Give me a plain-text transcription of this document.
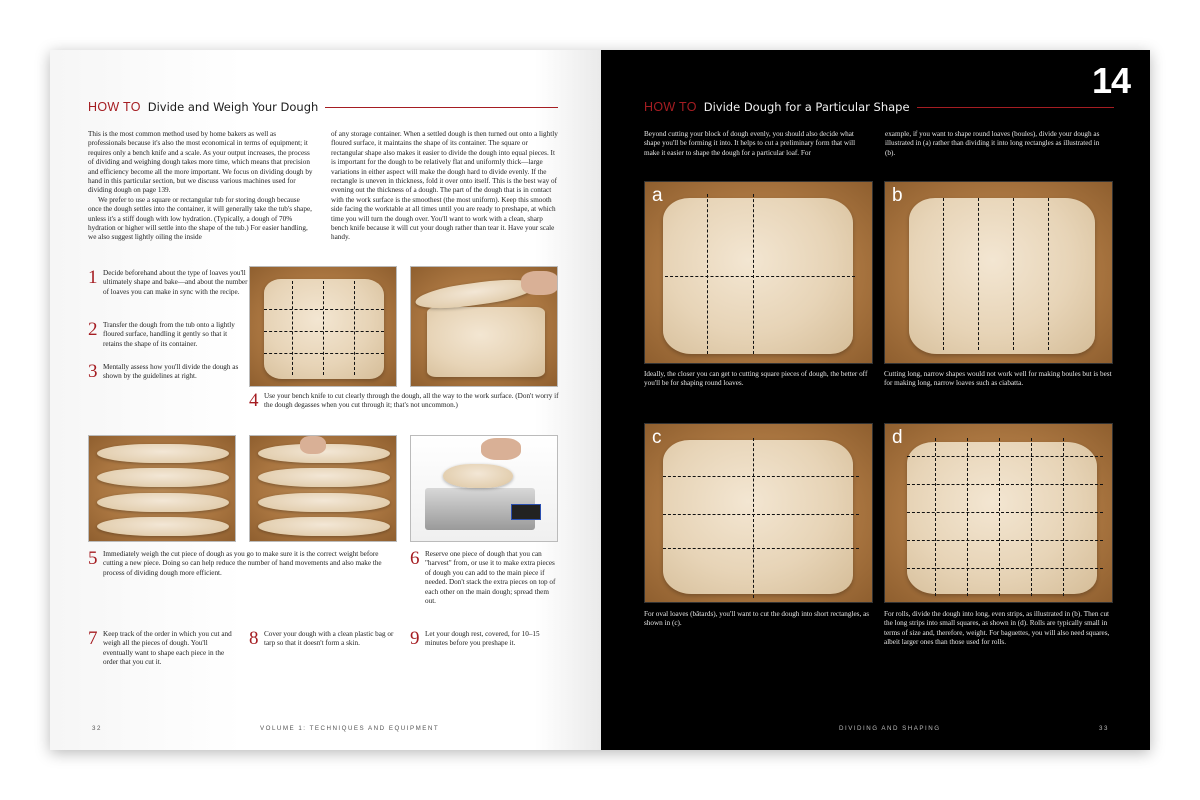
HOW TO Divide and Weigh Your Dough

This is the most common method used by home bakers as well as professionals because it's also the most economical in terms of equipment; it requires only a bench knife and a scale. As your output increases, the process of dividing and weighing dough takes more time, which means that precision and efficiency become all the more important. We focus on dividing dough by hand in this particular section, but we discuss various machines used for dividing dough on page 139.

We prefer to use a square or rectangular tub for storing dough because once the dough settles into the container, it will generally take the tub's shape, unless it's a stiff dough with low hydration. (Typically, a dough of 70% hydration or higher will settle into the shape of the tub.) For easier handling, we also suggest lightly oiling the inside

of any storage container. When a settled dough is then turned out onto a lightly floured surface, it maintains the shape of its container. The square or rectangular shape also makes it easier to divide the dough into equal pieces. It is important for the dough to be relatively flat and uniformly thick—large variations in either aspect will make the dough hard to divide evenly. If the rectangle is uneven in thickness, fold it over onto itself. This is the best way of evening out the thickness of a dough. The part of the dough that is in contact with the work surface is the smoothest (the most uniform). Keep this smooth side facing the worktable at all times until you are ready to preshape, at which time you will turn the dough over. You'll want to work with a clean, sharp bench knife because it will cut your dough rather than tear it. Have your scale handy.

1 Decide beforehand about the type of loaves you'll ultimately shape and bake—and about the number of loaves you can make in sync with the recipe.
2 Transfer the dough from the tub onto a lightly floured surface, handling it gently so that it retains the shape of its container.
3 Mentally assess how you'll divide the dough as shown by the guidelines at right.
4 Use your bench knife to cut clearly through the dough, all the way to the work surface. (Don't worry if the dough degasses when you cut through it; that's not uncommon.)
5 Immediately weigh the cut piece of dough as you go to make sure it is the correct weight before cutting a new piece. Doing so can help reduce the number of hand movements and also make the process of dividing dough more efficient.
6 Reserve one piece of dough that you can "harvest" from, or use it to make extra pieces of dough you can add to the main piece if needed. Don't stack the extra pieces on top of each other on the main dough; spread them out.
7 Keep track of the order in which you cut and weigh all the pieces of dough. You'll eventually want to shape each piece in the order that you cut it.
8 Cover your dough with a clean plastic bag or tarp so that it doesn't form a skin.	9 Let your dough rest, covered, for 10–15 minutes before you preshape it.
32	VOLUME 1: TECHNIQUES AND EQUIPMENT
14
HOW TO Divide Dough for a Particular Shape

Beyond cutting your block of dough evenly, you should also decide what shape you'll be forming it into. It helps to cut a preliminary form that will make it easier to shape the dough for a particular loaf. For

example, if you want to shape round loaves (boules), divide your dough as illustrated in (a) rather than dividing it into long rectangles as illustrated in (b).

a	b
Ideally, the closer you can get to cutting square pieces of dough, the better off you'll be for shaping round loaves.
Cutting long, narrow shapes would not work well for making boules but is best for making long, narrow loaves such as ciabatta.
c	d
For oval loaves (bâtards), you'll want to cut the dough into short rectangles, as shown in (c).
For rolls, divide the dough into long, even strips, as illustrated in (b). Then cut the long strips into small squares, as shown in (d). Rolls are typically small in terms of size and, therefore, weight. For baguettes, you will also need squares, albeit larger ones than those used for rolls.
DIVIDING AND SHAPING	33
